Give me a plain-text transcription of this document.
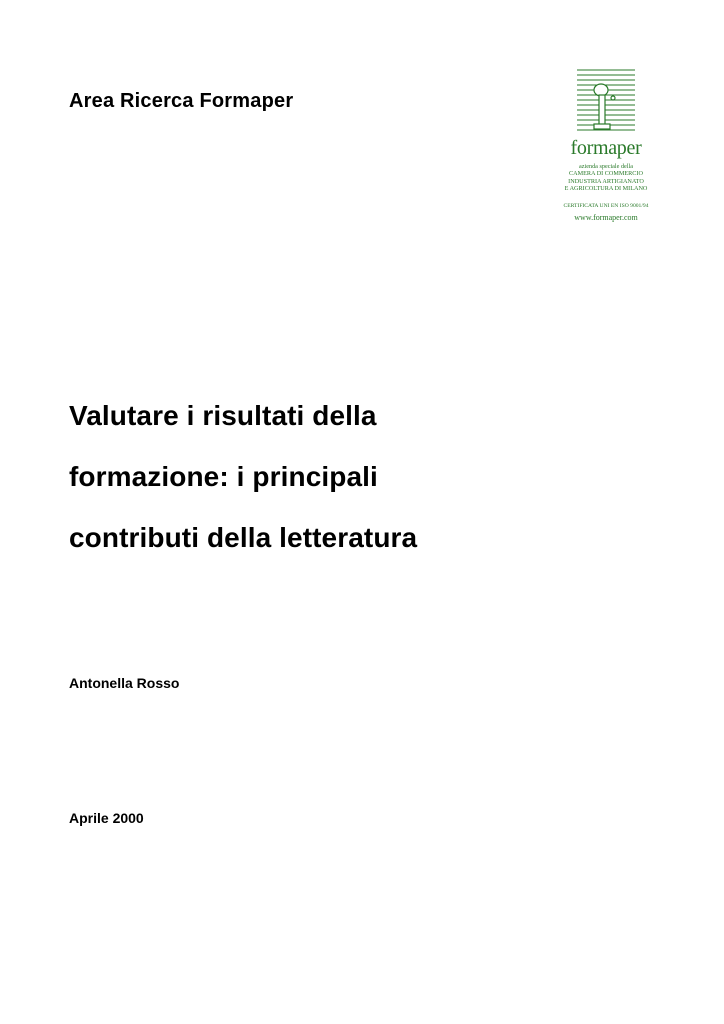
Area Ricerca Formaper
formaper
azienda speciale della
CAMERA DI COMMERCIO
INDUSTRIA ARTIGIANATO
E AGRICOLTURA DI MILANO
CERTIFICATA UNI EN ISO 9001/94
www.formaper.com
Valutare i risultati della
formazione: i principali
contributi della letteratura
Antonella Rosso
Aprile 2000
